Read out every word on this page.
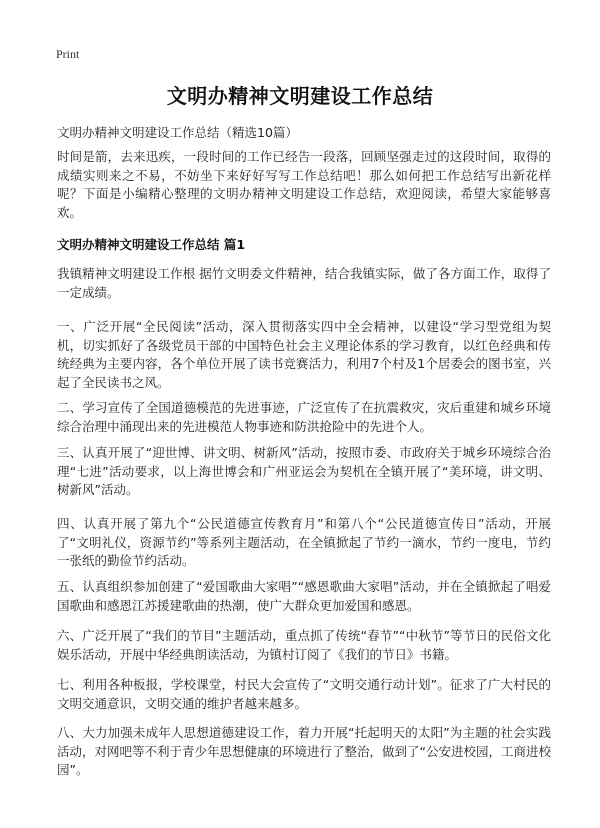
Print
文明办精神文明建设工作总结
文明办精神文明建设工作总结（精选10篇）

时间是箭，去来迅疾，一段时间的工作已经告一段落，回顾坚强走过的这段时间，取得的成绩实则来之不易，不妨坐下来好好写写工作总结吧！那么如何把工作总结写出新花样呢？下面是小编精心整理的文明办精神文明建设工作总结，欢迎阅读，希望大家能够喜欢。

文明办精神文明建设工作总结 篇1

我镇精神文明建设工作根 据竹文明委文件精神，结合我镇实际，做了各方面工作，取得了一定成绩。

一、广泛开展“全民阅读”活动，深入贯彻落实四中全会精神，以建设“学习型党组为契机，切实抓好了各级党员干部的中国特色社会主义理论体系的学习教育，以红色经典和传统经典为主要内容，各个单位开展了读书竞赛活力，利用7个村及1个居委会的图书室，兴起了全民读书之风。

二、学习宣传了全国道德模范的先进事迹，广泛宣传了在抗震救灾，灾后重建和城乡环境综合治理中涌现出来的先进模范人物事迹和防洪抢险中的先进个人。

三、认真开展了“迎世博、讲文明、树新风”活动，按照市委、市政府关于城乡环境综合治理“七进”活动要求，以上海世博会和广州亚运会为契机在全镇开展了“美环境，讲文明、树新风”活动。

四、认真开展了第九个“公民道德宣传教育月”和第八个“公民道德宣传日”活动，开展了“文明礼仪，资源节约”等系列主题活动，在全镇掀起了节约一滴水，节约一度电，节约一张纸的勤俭节约活动。

五、认真组织参加创建了“爱国歌曲大家唱”“感恩歌曲大家唱”活动，并在全镇掀起了唱爱国歌曲和感恩江苏援建歌曲的热潮，使广大群众更加爱国和感恩。

六、广泛开展了“我们的节目”主题活动，重点抓了传统“春节”“中秋节”等节日的民俗文化娱乐活动，开展中华经典朗读活动，为镇村订阅了《我们的节日》书籍。

七、利用各种板报，学校课堂，村民大会宣传了“文明交通行动计划”。征求了广大村民的文明交通意识，文明交通的维护者越来越多。

八、大力加强未成年人思想道德建设工作，着力开展“托起明天的太阳”为主题的社会实践活动，对网吧等不利于青少年思想健康的环境进行了整治，做到了“公安进校园，工商进校园”。
